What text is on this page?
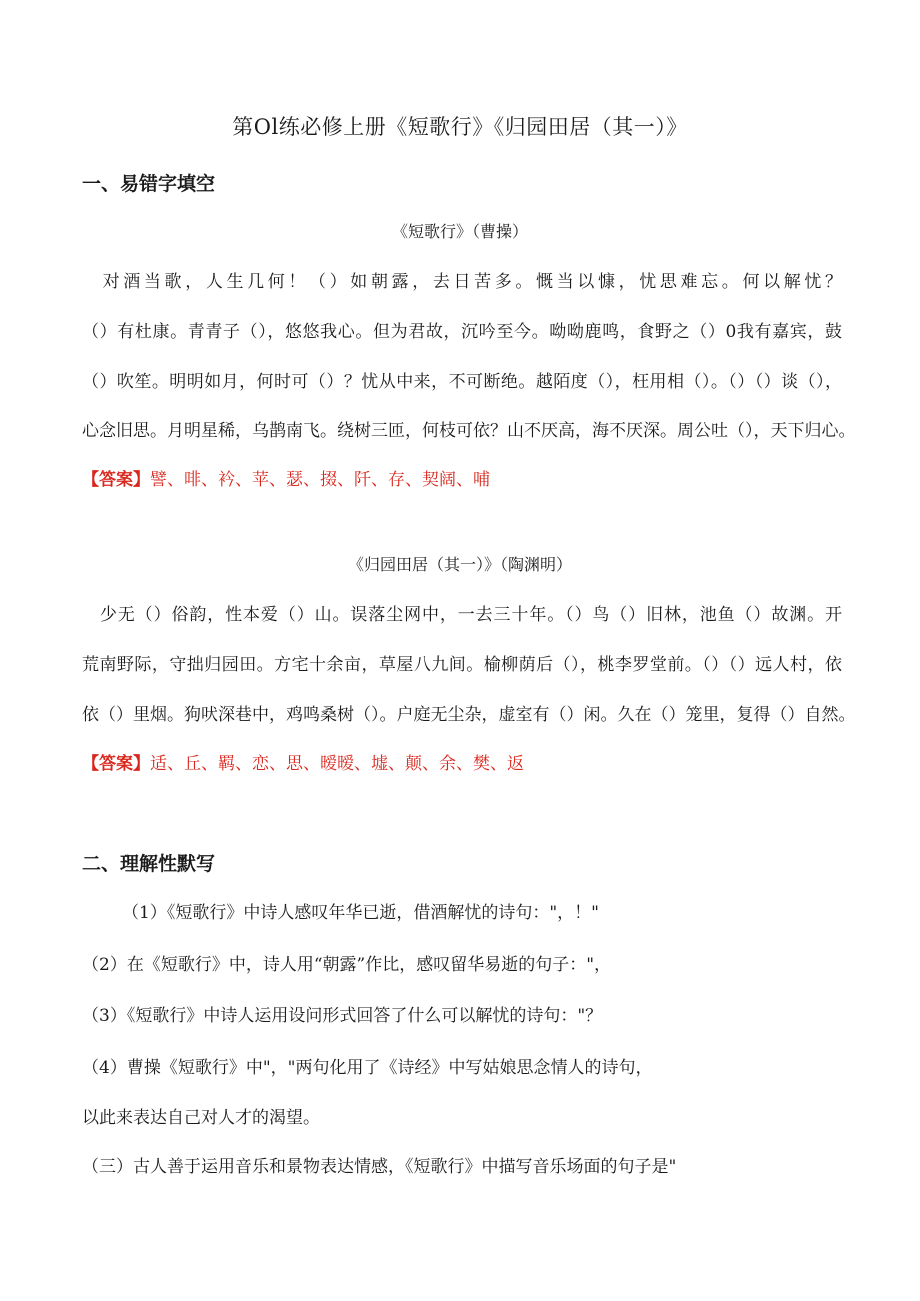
第Ol练必修上册《短歌行》《归园田居（其一）》
一、易错字填空
《短歌行》（曹操）
　对酒当歌，人生几何！（）如朝露，去日苦多。慨当以慷，忧思难忘。何以解忧？
（）有杜康。青青子（），悠悠我心。但为君故，沉吟至今。呦呦鹿鸣，食野之（）0我有嘉宾，鼓
（）吹笙。明明如月，何时可（）？忧从中来，不可断绝。越陌度（），枉用相（）。（）（）谈（），
心念旧思。月明星稀，乌鹊南飞。绕树三匝，何枝可依？山不厌高，海不厌深。周公吐（），天下归心。
【答案】譬、啡、衿、苹、瑟、掇、阡、存、契阔、哺
《归园田居（其一）》（陶渊明）
　少无（）俗韵，性本爱（）山。误落尘网中，一去三十年。（）鸟（）旧林，池鱼（）故渊。开
荒南野际，守拙归园田。方宅十余亩，草屋八九间。榆柳荫后（），桃李罗堂前。（）（）远人村，依
依（）里烟。狗吠深巷中，鸡鸣桑树（）。户庭无尘杂，虚室有（）闲。久在（）笼里，复得（）自然。
【答案】适、丘、羁、恋、思、暧暧、墟、颠、余、樊、返
二、理解性默写
（1）《短歌行》中诗人感叹年华已逝，借酒解忧的诗句："，！"
（2）在《短歌行》中，诗人用“朝露”作比，感叹留华易逝的句子："，
（3）《短歌行》中诗人运用设问形式回答了什么可以解忧的诗句："？
（4）曹操《短歌行》中"，"两句化用了《诗经》中写姑娘思念情人的诗句，
以此来表达自己对人才的渴望。
（三）古人善于运用音乐和景物表达情感，《短歌行》中描写音乐场面的句子是"
